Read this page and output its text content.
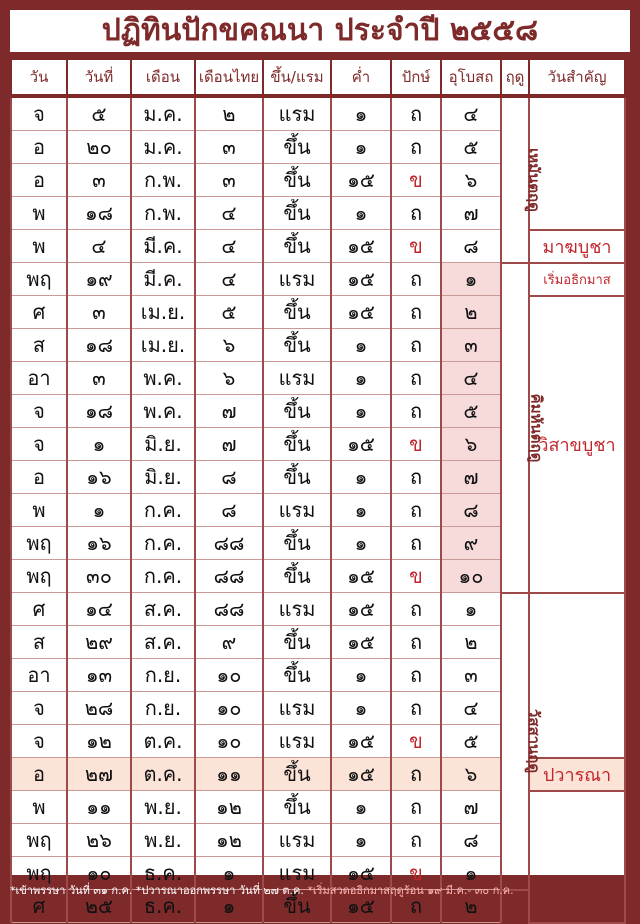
ปฏิทินปักขคณนา ประจำปี ๒๕๕๘
วัน	วันที่	เดือน	เดือนไทย	ขึ้น/แรม	ค่ำ	ปักษ์	อุโบสถ	ฤดู	วันสำคัญ	
จ	๕	ม.ค.	๒	แรม	๑	ถ	๔	เหมันตฤดู		
อ	๒๐	ม.ค.	๓	ขึ้น	๑	ถ	๕			
อ	๓	ก.พ.	๓	ขึ้น	๑๕	ข	๖			
พ	๑๘	ก.พ.	๔	ขึ้น	๑	ถ	๗			
พ	๔	มี.ค.	๔	ขึ้น	๑๕	ข	๘		มาฆบูชา	
พฤ	๑๙	มี.ค.	๔	แรม	๑๕	ถ	๑	คิมหันตฤดู	เริ่มอธิกมาส	
ศ	๓	เม.ย.	๕	ขึ้น	๑๕	ถ	๒		วิสาขบูชา	
ส	๑๘	เม.ย.	๖	ขึ้น	๑	ถ	๓			
อา	๓	พ.ค.	๖	แรม	๑	ถ	๔			
จ	๑๘	พ.ค.	๗	ขึ้น	๑	ถ	๕			
จ	๑	มิ.ย.	๗	ขึ้น	๑๕	ข	๖			
อ	๑๖	มิ.ย.	๘	ขึ้น	๑	ถ	๗			
พ	๑	ก.ค.	๘	แรม	๑	ถ	๘			
พฤ	๑๖	ก.ค.	๘๘	ขึ้น	๑	ถ	๙			
พฤ	๓๐	ก.ค.	๘๘	ขึ้น	๑๕	ข	๑๐	
ศ	๑๔	ส.ค.	๘๘	แรม	๑๕	ถ	๑	วัสสานฤดู		
ส	๒๙	ส.ค.	๙	ขึ้น	๑๕	ถ	๒			
อา	๑๓	ก.ย.	๑๐	ขึ้น	๑	ถ	๓			
จ	๒๘	ก.ย.	๑๐	แรม	๑	ถ	๔			
จ	๑๒	ต.ค.	๑๐	แรม	๑๕	ข	๕			
อ	๒๗	ต.ค.	๑๑	ขึ้น	๑๕	ถ	๖		ปวารณา	
พ	๑๑	พ.ย.	๑๒	ขึ้น	๑	ถ	๗			
พฤ	๒๖	พ.ย.	๑๒	แรม	๑	ถ	๘			
พฤ	๑๐	ธ.ค.	๑	แรม	๑๕	ข	๑	
ศ	๒๕	ธ.ค.	๑	ขึ้น	๑๕	ถ	๒			
*เข้าพรรษา วันที่ ๓๑ ก.ค. *ปวารณาออกพรรษา วันที่ ๒๗ ต.ค. *เริ่มสวดอธิกมาสฤดูร้อน ๑๙ มี.ค.- ๓๐ ก.ค.
